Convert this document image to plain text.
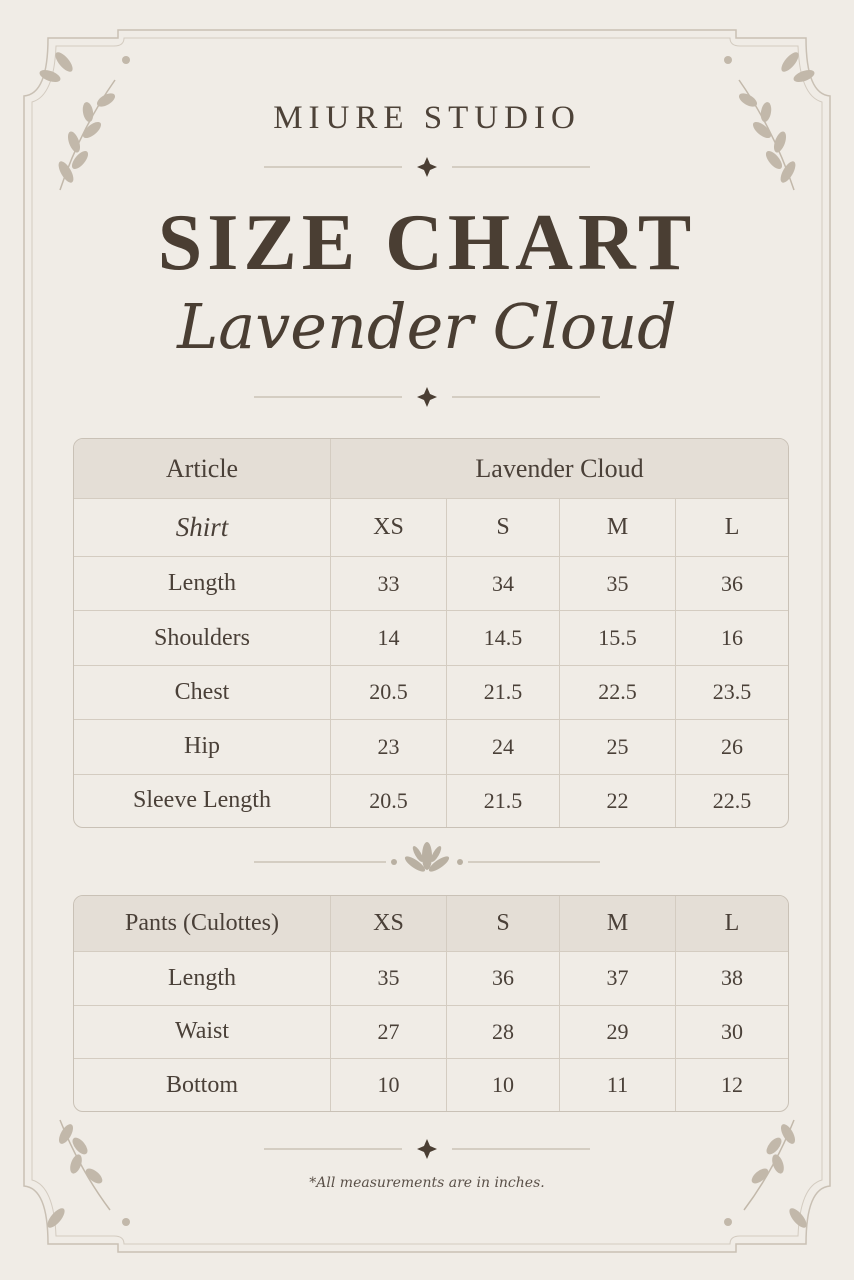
MIURE STUDIO
SIZE CHART
Lavender Cloud
Article	Lavender Cloud			
Shirt	XS	S	M	L
Length	33	34	35	36
Shoulders	14	14.5	15.5	16
Chest	20.5	21.5	22.5	23.5
Hip	23	24	25	26
Sleeve Length	20.5	21.5	22	22.5
Pants (Culottes)	XS	S	M	L
Length	35	36	37	38
Waist	27	28	29	30
Bottom	10	10	11	12
*All measurements are in inches.
